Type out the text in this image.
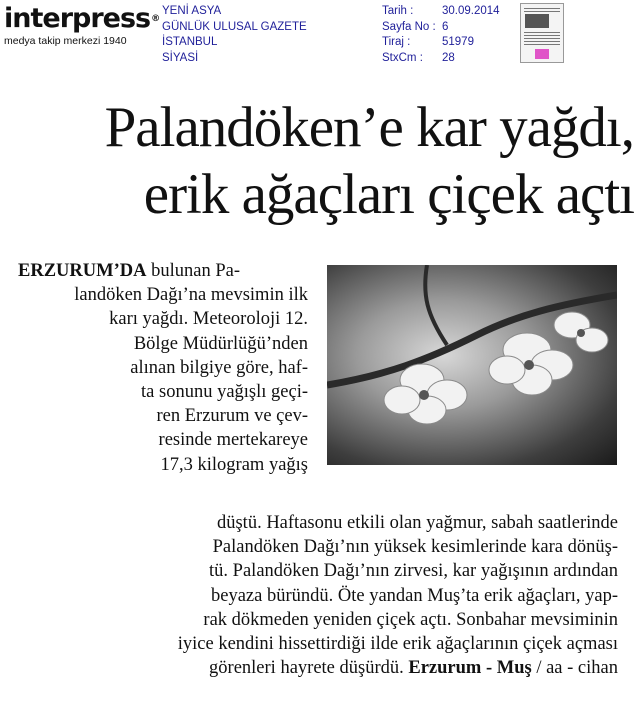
interpress®
medya takip merkezi 1940
YENİ ASYA
GÜNLÜK ULUSAL GAZETE
İSTANBUL
SİYASİ
Tarih :	30.09.2014
Sayfa No : 6
Tiraj :	51979
StxCm :	28
Palandöken’e kar yağdı,
erik ağaçları çiçek açtı

ERZURUM’DA bulunan Pa-

landöken Dağı’na mevsimin ilk
karı yağdı. Meteoroloji 12.
Bölge Müdürlüğü’nden
alınan bilgiye göre, haf-
ta sonunu yağışlı geçi-
ren Erzurum ve çev-
resinde mertekareye
17,3 kilogram yağış
düştü. Haftasonu etkili olan yağmur, sabah saatlerinde
Palandöken Dağı’nın yüksek kesimlerinde kara dönüş-
tü. Palandöken Dağı’nın zirvesi, kar yağışının ardından
beyaza büründü. Öte yandan Muş’ta erik ağaçları, yap-
rak dökmeden yeniden çiçek açtı. Sonbahar mevsiminin
iyice kendini hissettirdiği ilde erik ağaçlarının çiçek açması
görenleri hayrete düşürdü. Erzurum - Muş / aa - cihan
